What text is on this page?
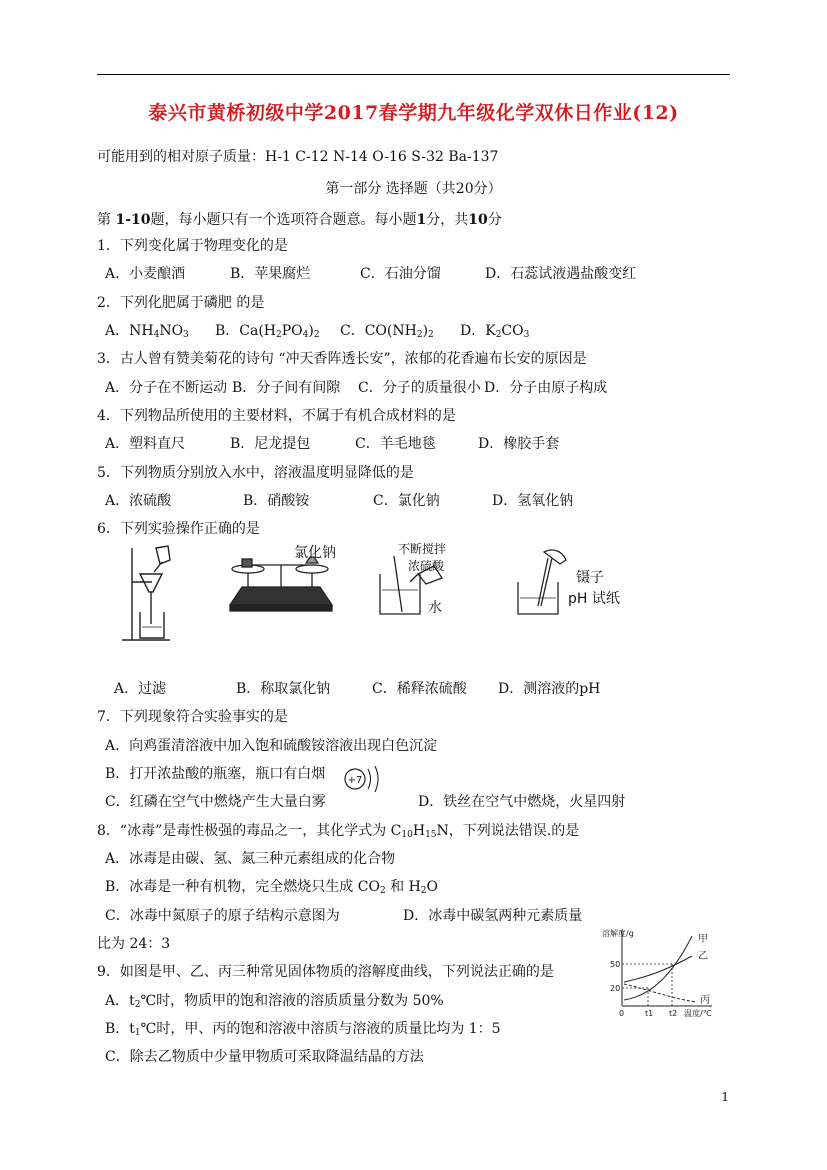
泰兴市黄桥初级中学2017春学期九年级化学双休日作业(12)
可能用到的相对原子质量：H-1 C-12 N-14 O-16 S-32 Ba-137
第一部分 选择题（共20分）
第 1-10题，每小题只有一个选项符合题意。每小题1分，共10分
1．下列变化属于物理变化的是
A．小麦酿酒	B．苹果腐烂	C．石油分馏	D．石蕊试液遇盐酸变红
2．下列化肥属于磷肥 的是
A．$NH_4NO_3$ B．$Ca(H_2PO_4)_2$ C．$CO(NH_2)_2$ D．$K_2CO_3$
3．古人曾有赞美菊花的诗句 “冲天香阵透长安”，浓郁的花香遍布长安的原因是
A．分子在不断运动 B．分子间有间隙 C．分子的质量很小 D．分子由原子构成
4．下列物品所使用的主要材料，不属于有机合成材料的是
A．塑料直尺	B．尼龙提包	C．羊毛地毯	D．橡胶手套
5．下列物质分别放入水中，溶液温度明显降低的是
A．浓硫酸	B．硝酸铵	C．氯化钠	D．氢氧化钠
6．下列实验操作正确的是
氯化钠	不断搅拌
浓硫酸
水
镊子
pH 试纸
A．过滤	B．称取氯化钠	C．稀释浓硫酸 D．测溶液的pH
7．下列现象符合实验事实的是
A．向鸡蛋清溶液中加入饱和硫酸铵溶液出现白色沉淀
B．打开浓盐酸的瓶塞，瓶口有白烟 +7
C．红磷在空气中燃烧产生大量白雾	D．铁丝在空气中燃烧，火星四射
8．“冰毒”是毒性极强的毒品之一，其化学式为 $C_{10}H_{15}N$，下列说法错误.的是
A．冰毒是由碳、氢、氮三种元素组成的化合物
B．冰毒是一种有机物，完全燃烧只生成 $CO_2$ 和 $H_2O$
C．冰毒中氮原子的原子结构示意图为	D．冰毒中碳氢两种元素质量
比为 24：3
9．如图是甲、乙、丙三种常见固体物质的溶解度曲线，下列说法正确的是
A．$t_2℃$时，物质甲的饱和溶液的溶质质量分数为 50%
B．$t_1℃$时，甲、丙的饱和溶液中溶质与溶液的质量比均为 1：5
C．除去乙物质中少量甲物质可采取降温结晶的方法
溶解度/g
50
20
0	t1 t2 温度/℃
甲
乙
丙
1
